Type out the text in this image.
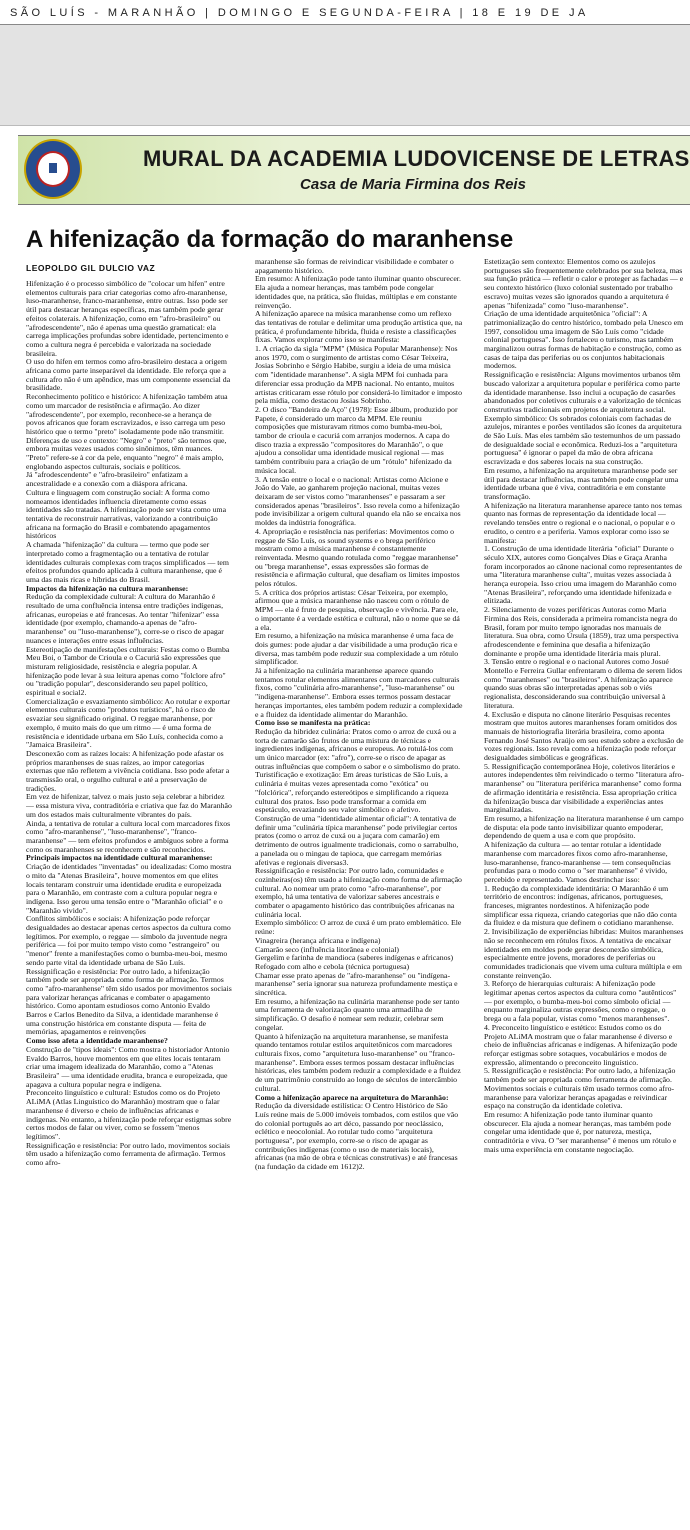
SÃO LUÍS - MARANHÃO | DOMINGO E SEGUNDA-FEIRA | 18 E 19 DE JA
MURAL DA ACADEMIA LUDOVICENSE DE LETRAS
Casa de Maria Firmina dos Reis
A hifenização da formação do maranhense
LEOPOLDO GIL DULCIO VAZ

Hifenização é o processo simbólico de "colocar um hífen" entre elementos culturais para criar categorias como afro-maranhense, luso-maranhense, franco-maranhense, entre outras. Isso pode ser útil para destacar heranças específicas, mas também pode gerar efeitos colaterais. A hifenização, como em "afro-brasileiro" ou "afrodescendente", não é apenas uma questão gramatical: ela carrega implicações profundas sobre identidade, pertencimento e como a cultura negra é percebida e valorizada na sociedade brasileira.

O uso do hífen em termos como afro-brasileiro destaca a origem africana como parte inseparável da identidade. Ele reforça que a cultura afro não é um apêndice, mas um componente essencial da brasilidade.

Reconhecimento político e histórico: A hifenização também atua como um marcador de resistência e afirmação. Ao dizer "afrodescendente", por exemplo, reconhece-se a herança de povos africanos que foram escravizados, e isso carrega um peso histórico que o termo "preto" isoladamente pode não transmitir.

Diferenças de uso e contexto: "Negro" e "preto" são termos que, embora muitas vezes usados como sinônimos, têm nuances. "Preto" refere-se à cor da pele, enquanto "negro" é mais amplo, englobando aspectos culturais, sociais e políticos.

Já "afrodescendente" e "afro-brasileiro" enfatizam a ancestralidade e a conexão com a diáspora africana.

Cultura e linguagem com construção social: A forma como nomeamos identidades influencia diretamente como essas identidades são tratadas. A hifenização pode ser vista como uma tentativa de reconstruir narrativas, valorizando a contribuição africana na formação do Brasil e combatendo apagamentos históricos

A chamada "hifenização" da cultura — termo que pode ser interpretado como a fragmentação ou a tentativa de rotular identidades culturais complexas com traços simplificados — tem efeitos profundos quando aplicada à cultura maranhense, que é uma das mais ricas e híbridas do Brasil.

Impactos da hifenização na cultura maranhense:

Redução da complexidade cultural: A cultura do Maranhão é resultado de uma confluência intensa entre tradições indígenas, africanas, europeias e até francesas. Ao tentar "hifenizar" essa identidade (por exemplo, chamando-a apenas de "afro-maranhense" ou "luso-maranhense"), corre-se o risco de apagar nuances e interações entre essas influências.

Estereotipação de manifestações culturais: Festas como o Bumba Meu Boi, o Tambor de Crioula e o Cacuriá são expressões que misturam religiosidade, resistência e alegria popular. A hifenização pode levar à sua leitura apenas como "folclore afro" ou "tradição popular", desconsiderando seu papel político, espiritual e social2.

Comercialização e esvaziamento simbólico: Ao rotular e exportar elementos culturais como "produtos turísticos", há o risco de esvaziar seu significado original. O reggae maranhense, por exemplo, é muito mais do que um ritmo — é uma forma de resistência e identidade urbana em São Luís, conhecida como a "Jamaica Brasileira".

Desconexão com as raízes locais: A hifenização pode afastar os próprios maranhenses de suas raízes, ao impor categorias externas que não refletem a vivência cotidiana. Isso pode afetar a transmissão oral, o orgulho cultural e até a preservação de tradições.

Em vez de hifenizar, talvez o mais justo seja celebrar a hibridez — essa mistura viva, contraditória e criativa que faz do Maranhão um dos estados mais culturalmente vibrantes do país.

Ainda, a tentativa de rotular a cultura local com marcadores fixos como "afro-maranhense", "luso-maranhense", "franco-maranhense" — tem efeitos profundos e ambíguos sobre a forma como os maranhenses se reconhecem e são reconhecidos.

Principais impactos na identidade cultural maranhense:

Criação de identidades "inventadas" ou idealizadas: Como mostra o mito da "Atenas Brasileira", houve momentos em que elites locais tentaram construir uma identidade erudita e europeizada para o Maranhão, em contraste com a cultura popular negra e indígena. Isso gerou uma tensão entre o "Maranhão oficial" e o "Maranhão vivido".

Conflitos simbólicos e sociais: A hifenização pode reforçar desigualdades ao destacar apenas certos aspectos da cultura como legítimos. Por exemplo, o reggae — símbolo da juventude negra periférica — foi por muito tempo visto como "estrangeiro" ou "menor" frente a manifestações como o bumba-meu-boi, mesmo sendo parte vital da identidade urbana de São Luís.

Ressignificação e resistência: Por outro lado, a hifenização também pode ser apropriada como forma de afirmação. Termos como "afro-maranhense" têm sido usados por movimentos sociais para valorizar heranças africanas e combater o apagamento histórico. Como apontam estudiosos como Antonio Evaldo Barros e Carlos Benedito da Silva, a identidade maranhense é uma construção histórica em constante disputa — feita de memórias, apagamentos e reinvenções

Como isso afeta a identidade maranhense?

Construção de "tipos ideais": Como mostra o historiador Antonio Evaldo Barros, houve momentos em que elites locais tentaram criar uma imagem idealizada do Maranhão, como a "Atenas Brasileira" — uma identidade erudita, branca e europeizada, que apagava a cultura popular negra e indígena.

Preconceito linguístico e cultural: Estudos como os do Projeto ALiMA (Atlas Linguístico do Maranhão) mostram que o falar maranhense é diverso e cheio de influências africanas e indígenas. No entanto, a hifenização pode reforçar estigmas sobre certos modos de falar ou viver, como se fossem "menos legítimos".

Ressignificação e resistência: Por outro lado, movimentos sociais têm usado a hifenização como ferramenta de afirmação. Termos como afro-

maranhense são formas de reivindicar visibilidade e combater o apagamento histórico.

Em resumo: A hifenização pode tanto iluminar quanto obscurecer. Ela ajuda a nomear heranças, mas também pode congelar identidades que, na prática, são fluidas, múltiplas e em constante reinvenção.

A hifenização aparece na música maranhense como um reflexo das tentativas de rotular e delimitar uma produção artística que, na prática, é profundamente híbrida, fluida e resiste a classificações fixas. Vamos explorar como isso se manifesta:

1. A criação da sigla "MPM" (Música Popular Maranhense): Nos anos 1970, com o surgimento de artistas como César Teixeira, Josias Sobrinho e Sérgio Habibe, surgiu a ideia de uma música com "identidade maranhense". A sigla MPM foi cunhada para diferenciar essa produção da MPB nacional. No entanto, muitos artistas criticaram esse rótulo por considerá-lo limitador e imposto pela mídia, como destacou Josias Sobrinho.

2. O disco "Bandeira de Aço" (1978): Esse álbum, produzido por Papete, é considerado um marco da MPM. Ele reuniu composições que misturavam ritmos como bumba-meu-boi, tambor de crioula e cacuriá com arranjos modernos. A capa do disco trazia a expressão "compositores do Maranhão", o que ajudou a consolidar uma identidade musical regional — mas também contribuiu para a criação de um "rótulo" hifenizado da música local.

3. A tensão entre o local e o nacional: Artistas como Alcione e João do Vale, ao ganharem projeção nacional, muitas vezes deixaram de ser vistos como "maranhenses" e passaram a ser considerados apenas "brasileiros". Isso revela como a hifenização pode invisibilizar a origem cultural quando ela não se encaixa nos moldes da indústria fonográfica.

4. Apropriação e resistência nas periferias: Movimentos como o reggae de São Luís, os sound systems e o brega periférico mostram como a música maranhense é constantemente reinventada. Mesmo quando rotulada como "reggae maranhense" ou "brega maranhense", essas expressões são formas de resistência e afirmação cultural, que desafiam os limites impostos pelos rótulos.

5. A crítica dos próprios artistas: César Teixeira, por exemplo, afirmou que a música maranhense não nasceu com o rótulo de MPM — ela é fruto de pesquisa, observação e vivência. Para ele, o importante é a verdade estética e cultural, não o nome que se dá a ela.

Em resumo, a hifenização na música maranhense é uma faca de dois gumes: pode ajudar a dar visibilidade a uma produção rica e diversa, mas também pode reduzir sua complexidade a um rótulo simplificador.

Já a hifenização na culinária maranhense aparece quando tentamos rotular elementos alimentares com marcadores culturais fixos, como "culinária afro-maranhense", "luso-maranhense" ou "indígena-maranhense". Embora esses termos possam destacar heranças importantes, eles também podem reduzir a complexidade e a fluidez da identidade alimentar do Maranhão.

Como isso se manifesta na prática:

Redução da hibridez culinária: Pratos como o arroz de cuxá ou a torta de camarão são frutos de uma mistura de técnicas e ingredientes indígenas, africanos e europeus. Ao rotulá-los com um único marcador (ex: "afro"), corre-se o risco de apagar as outras influências que compõem o sabor e o simbolismo do prato.

Turistificação e exotização: Em áreas turísticas de São Luís, a culinária é muitas vezes apresentada como "exótica" ou "folclórica", reforçando estereótipos e simplificando a riqueza cultural dos pratos. Isso pode transformar a comida em espetáculo, esvaziando seu valor simbólico e afetivo.

Construção de uma "identidade alimentar oficial": A tentativa de definir uma "culinária típica maranhense" pode privilegiar certos pratos (como o arroz de cuxá ou a juçara com camarão) em detrimento de outros igualmente tradicionais, como o sarrabulho, a panelada ou o mingau de tapioca, que carregam memórias afetivas e regionais diversas3.

Ressignificação e resistência: Por outro lado, comunidades e cozinheiras(os) têm usado a hifenização como forma de afirmação cultural. Ao nomear um prato como "afro-maranhense", por exemplo, há uma tentativa de valorizar saberes ancestrais e combater o apagamento histórico das contribuições africanas na culinária local.

Exemplo simbólico: O arroz de cuxá é um prato emblemático. Ele reúne:

Vinagreira (herança africana e indígena)

Camarão seco (influência litorânea e colonial)

Gergelim e farinha de mandioca (saberes indígenas e africanos)

Refogado com alho e cebola (técnica portuguesa)

Chamar esse prato apenas de "afro-maranhense" ou "indígena-maranhense" seria ignorar sua natureza profundamente mestiça e sincrética.

Em resumo, a hifenização na culinária maranhense pode ser tanto uma ferramenta de valorização quanto uma armadilha de simplificação. O desafio é nomear sem reduzir, celebrar sem congelar.

Quanto à hifenização na arquitetura maranhense, se manifesta quando tentamos rotular estilos arquitetônicos com marcadores culturais fixos, como "arquitetura luso-maranhense" ou "franco-maranhense". Embora esses termos possam destacar influências históricas, eles também podem reduzir a complexidade e a fluidez de um patrimônio construído ao longo de séculos de intercâmbio cultural.

Como a hifenização aparece na arquitetura do Maranhão:

Redução da diversidade estilística: O Centro Histórico de São Luís reúne mais de 5.000 imóveis tombados, com estilos que vão do colonial português ao art déco, passando por neoclássico, eclético e neocolonial. Ao rotular tudo como "arquitetura portuguesa", por exemplo, corre-se o risco de apagar as contribuições indígenas (como o uso de materiais locais), africanas (na mão de obra e técnicas construtivas) e até francesas (na fundação da cidade em 1612)2.

Estetização sem contexto: Elementos como os azulejos portugueses são frequentemente celebrados por sua beleza, mas sua função prática — refletir o calor e proteger as fachadas — e seu contexto histórico (luxo colonial sustentado por trabalho escravo) muitas vezes são ignorados quando a arquitetura é apenas "hifenizada" como "luso-maranhense".

Criação de uma identidade arquitetônica "oficial": A patrimonialização do centro histórico, tombado pela Unesco em 1997, consolidou uma imagem de São Luís como "cidade colonial portuguesa". Isso fortaleceu o turismo, mas também marginalizou outras formas de habitação e construção, como as casas de taipa das periferias ou os conjuntos habitacionais modernos.

Ressignificação e resistência: Alguns movimentos urbanos têm buscado valorizar a arquitetura popular e periférica como parte da identidade maranhense. Isso inclui a ocupação de casarões abandonados por coletivos culturais e a valorização de técnicas construtivas tradicionais em projetos de arquitetura social.

Exemplo simbólico: Os sobrados coloniais com fachadas de azulejos, mirantes e porões ventilados são ícones da arquitetura de São Luís. Mas eles também são testemunhos de um passado de desigualdade social e econômica. Reduzi-los a "arquitetura portuguesa" é ignorar o papel da mão de obra africana escravizada e dos saberes locais na sua construção.

Em resumo, a hifenização na arquitetura maranhense pode ser útil para destacar influências, mas também pode congelar uma identidade urbana que é viva, contraditória e em constante transformação.

A hifenização na literatura maranhense aparece tanto nos temas quanto nas formas de representação da identidade local — revelando tensões entre o regional e o nacional, o popular e o erudito, o centro e a periferia. Vamos explorar como isso se manifesta:

1. Construção de uma identidade literária "oficial" Durante o século XIX, autores como Gonçalves Dias e Graça Aranha foram incorporados ao cânone nacional como representantes de uma "literatura maranhense culta", muitas vezes associada à herança europeia. Isso criou uma imagem do Maranhão como "Atenas Brasileira", reforçando uma identidade hifenizada e elitizada.

2. Silenciamento de vozes periféricas Autoras como Maria Firmina dos Reis, considerada a primeira romancista negra do Brasil, foram por muito tempo ignoradas nos manuais de literatura. Sua obra, como Úrsula (1859), traz uma perspectiva afrodescendente e feminina que desafia a hifenização dominante e propõe uma identidade literária mais plural.

3. Tensão entre o regional e o nacional Autores como Josué Montello e Ferreira Gullar enfrentaram o dilema de serem lidos como "maranhenses" ou "brasileiros". A hifenização aparece quando suas obras são interpretadas apenas sob o viés regionalista, desconsiderando sua contribuição universal à literatura.

4. Exclusão e disputa no cânone literário Pesquisas recentes mostram que muitos autores maranhenses foram omitidos dos manuais de historiografia literária brasileira, como aponta Fernando José Santos Araújo em seu estudo sobre a exclusão de vozes regionais. Isso revela como a hifenização pode reforçar desigualdades simbólicas e geográficas.

5. Ressignificação contemporânea Hoje, coletivos literários e autores independentes têm reivindicado o termo "literatura afro-maranhense" ou "literatura periférica maranhense" como forma de afirmação identitária e resistência. Essa apropriação crítica da hifenização busca dar visibilidade a experiências antes marginalizadas.

Em resumo, a hifenização na literatura maranhense é um campo de disputa: ela pode tanto invisibilizar quanto empoderar, dependendo de quem a usa e com que propósito.

A hifenização da cultura — ao tentar rotular a identidade maranhense com marcadores fixos como afro-maranhense, luso-maranhense, franco-maranhense — tem consequências profundas para o modo como o "ser maranhense" é vivido, percebido e representado. Vamos destrinchar isso:

1. Redução da complexidade identitária: O Maranhão é um território de encontros: indígenas, africanos, portugueses, franceses, migrantes nordestinos. A hifenização pode simplificar essa riqueza, criando categorias que não dão conta da fluidez e da mistura que definem o cotidiano maranhense.

2. Invisibilização de experiências híbridas: Muitos maranhenses não se reconhecem em rótulos fixos. A tentativa de encaixar identidades em moldes pode gerar desconexão simbólica, especialmente entre jovens, moradores de periferias ou comunidades tradicionais que vivem uma cultura múltipla e em constante reinvenção.

3. Reforço de hierarquias culturais: A hifenização pode legitimar apenas certos aspectos da cultura como "autênticos" — por exemplo, o bumba-meu-boi como símbolo oficial — enquanto marginaliza outras expressões, como o reggae, o brega ou a fala popular, vistas como "menos maranhenses".

4. Preconceito linguístico e estético: Estudos como os do Projeto ALiMA mostram que o falar maranhense é diverso e cheio de influências africanas e indígenas. A hifenização pode reforçar estigmas sobre sotaques, vocabulários e modos de expressão, alimentando o preconceito linguístico.

5. Ressignificação e resistência: Por outro lado, a hifenização também pode ser apropriada como ferramenta de afirmação. Movimentos sociais e culturais têm usado termos como afro-maranhense para valorizar heranças apagadas e reivindicar espaço na construção da identidade coletiva.

Em resumo: A hifenização pode tanto iluminar quanto obscurecer. Ela ajuda a nomear heranças, mas também pode congelar uma identidade que é, por natureza, mestiça, contraditória e viva. O "ser maranhense" é menos um rótulo e mais uma experiência em constante negociação.
